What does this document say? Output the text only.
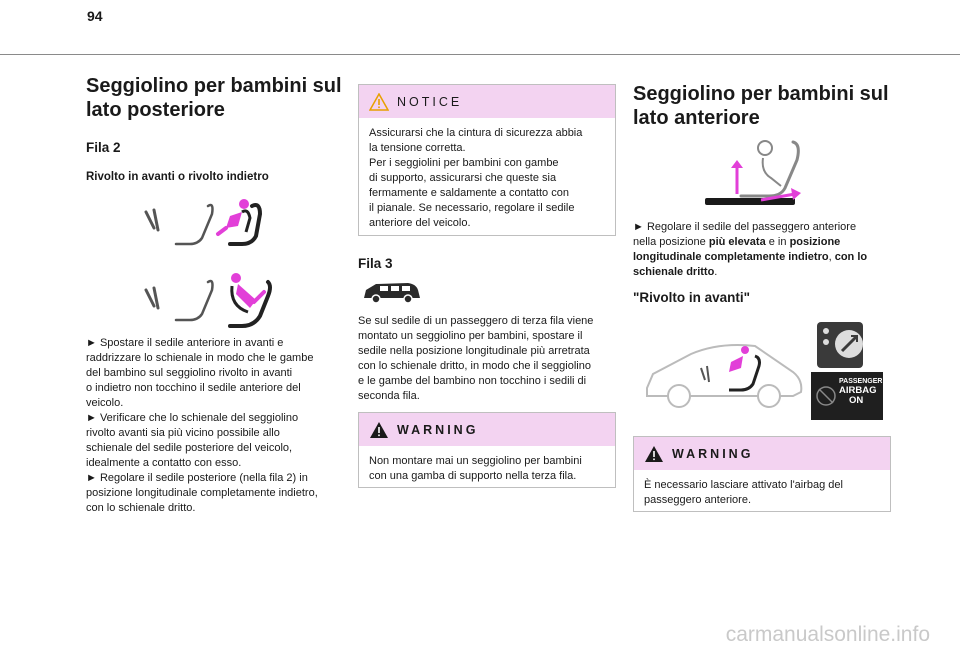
94
Seggiolino per bambini sul
lato posteriore
Fila 2
Rivolto in avanti o rivolto indietro

► Spostare il sedile anteriore in avanti e
raddrizzare lo schienale in modo che le gambe
del bambino sul seggiolino rivolto in avanti
o indietro non tocchino il sedile anteriore del
veicolo.
► Verificare che lo schienale del seggiolino
rivolto avanti sia più vicino possibile allo
schienale del sedile posteriore del veicolo,
idealmente a contatto con esso.
► Regolare il sedile posteriore (nella fila 2) in
posizione longitudinale completamente indietro,
con lo schienale dritto.

NOTICE

Assicurarsi che la cintura di sicurezza abbia
la tensione corretta.
Per i seggiolini per bambini con gambe
di supporto, assicurarsi che queste sia
fermamente e saldamente a contatto con
il pianale. Se necessario, regolare il sedile
anteriore del veicolo.

Fila 3

Se sul sedile di un passeggero di terza fila viene
montato un seggiolino per bambini, spostare il
sedile nella posizione longitudinale più arretrata
con lo schienale dritto, in modo che il seggiolino
e le gambe del bambino non tocchino i sedili di
seconda fila.

WARNING

Non montare mai un seggiolino per bambini
con una gamba di supporto nella terza fila.

Seggiolino per bambini sul
lato anteriore

► Regolare il sedile del passeggero anteriore
nella posizione più elevata e in posizione
longitudinale completamente indietro, con lo
schienale dritto.

"Rivolto in avanti"
PASSENGER
AIRBAG
ON
WARNING

È necessario lasciare attivato l'airbag del
passeggero anteriore.

carmanualsonline.info
